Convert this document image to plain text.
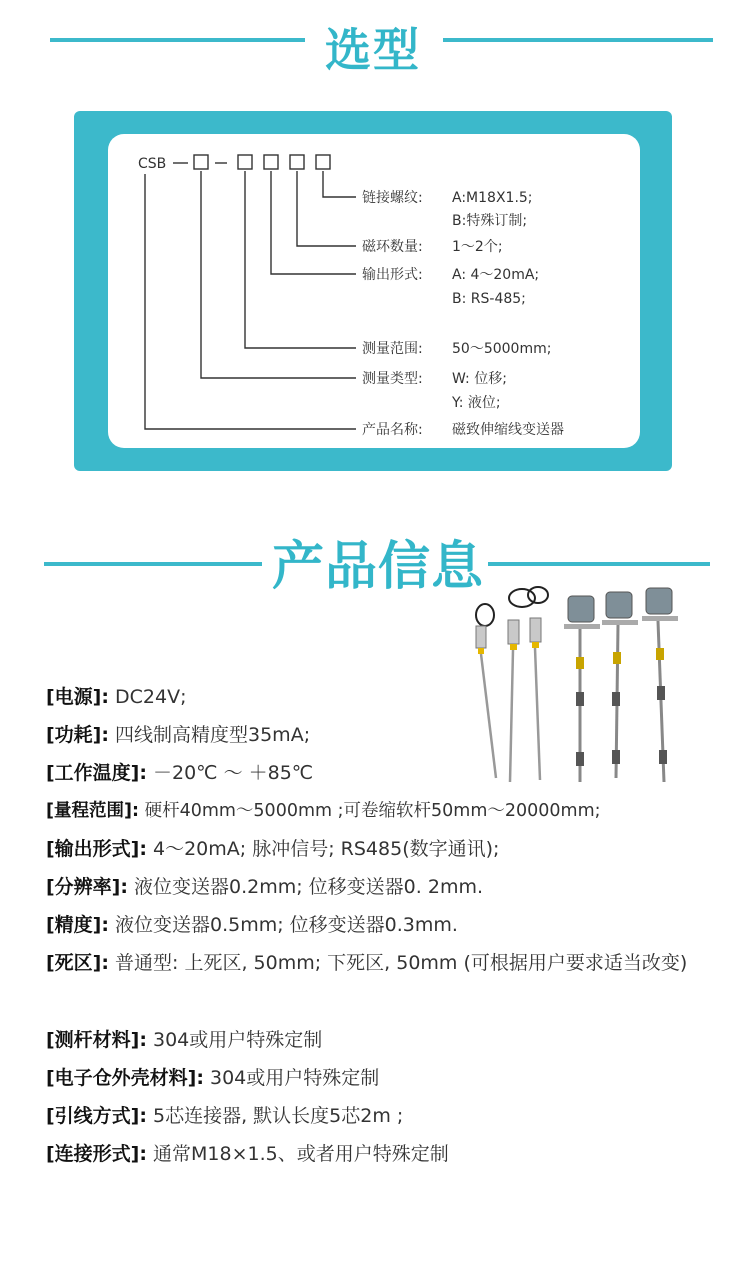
选型
CSB
链接螺纹: A:M18X1.5;
B:特殊订制;
磁环数量: 1～2个;
输出形式: A: 4～20mA;
B: RS-485;
测量范围: 50～5000mm;
测量类型: W: 位移;
Y: 液位;
产品名称: 磁致伸缩线变送器
产品信息
[电源]: DC24V;
[功耗]: 四线制高精度型35mA;
[工作温度]: －20℃ ～ ＋85℃
[量程范围]: 硬杆40mm～5000mm ;可卷缩软杆50mm～20000mm;
[输出形式]: 4～20mA; 脉冲信号; RS485(数字通讯);
[分辨率]: 液位变送器0.2mm; 位移变送器0. 2mm.
[精度]: 液位变送器0.5mm; 位移变送器0.3mm.
[死区]: 普通型: 上死区, 50mm; 下死区, 50mm (可根据用户要求适当改变)
[测杆材料]: 304或用户特殊定制
[电子仓外壳材料]: 304或用户特殊定制
[引线方式]: 5芯连接器, 默认长度5芯2m ;
[连接形式]: 通常M18×1.5、或者用户特殊定制
